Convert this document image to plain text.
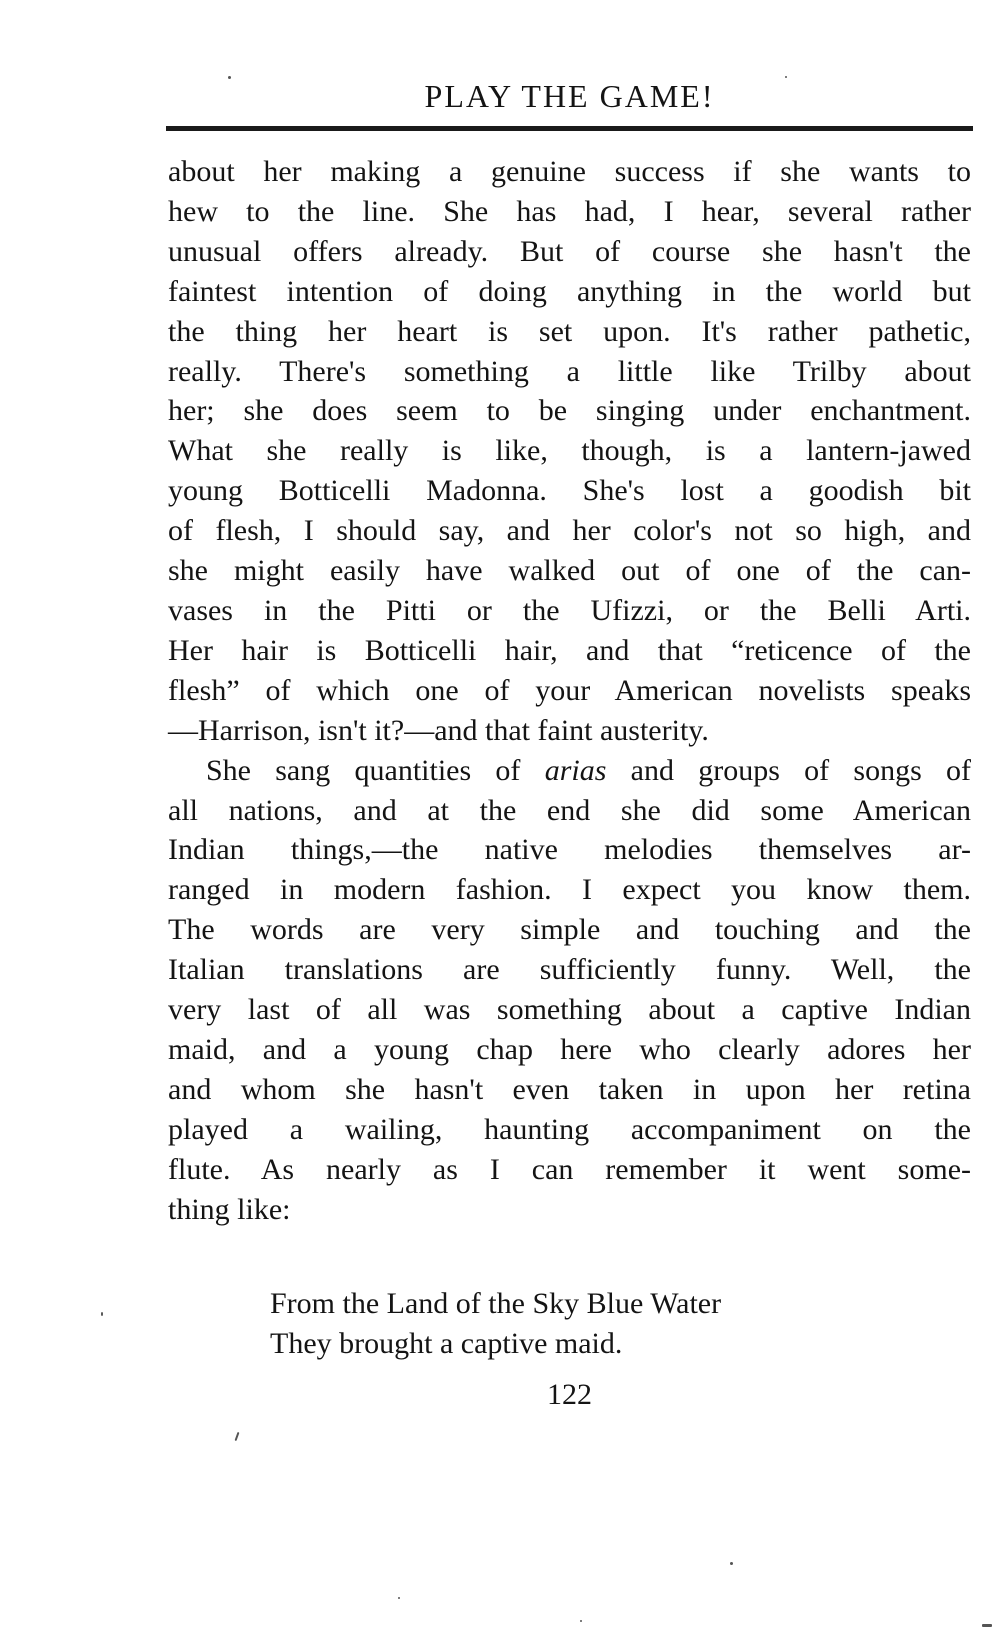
PLAY THE GAME!

about her making a genuine success if she wants to
hew to the line. She has had, I hear, several rather
unusual offers already. But of course she hasn't the
faintest intention of doing anything in the world but
the thing her heart is set upon. It's rather pathetic,
really. There's something a little like Trilby about
her; she does seem to be singing under enchantment.
What she really is like, though, is a lantern-jawed
young Botticelli Madonna. She's lost a goodish bit
of flesh, I should say, and her color's not so high, and
she might easily have walked out of one of the can-
vases in the Pitti or the Ufizzi, or the Belli Arti.
Her hair is Botticelli hair, and that “reticence of the
flesh” of which one of your American novelists speaks
—Harrison, isn't it?—and that faint austerity.

She sang quantities of arias and groups of songs of
all nations, and at the end she did some American
Indian things,—the native melodies themselves ar-
ranged in modern fashion. I expect you know them.
The words are very simple and touching and the
Italian translations are sufficiently funny. Well, the
very last of all was something about a captive Indian
maid, and a young chap here who clearly adores her
and whom she hasn't even taken in upon her retina
played a wailing, haunting accompaniment on the
flute. As nearly as I can remember it went some-
thing like:

From the Land of the Sky Blue Water
They brought a captive maid.
122
